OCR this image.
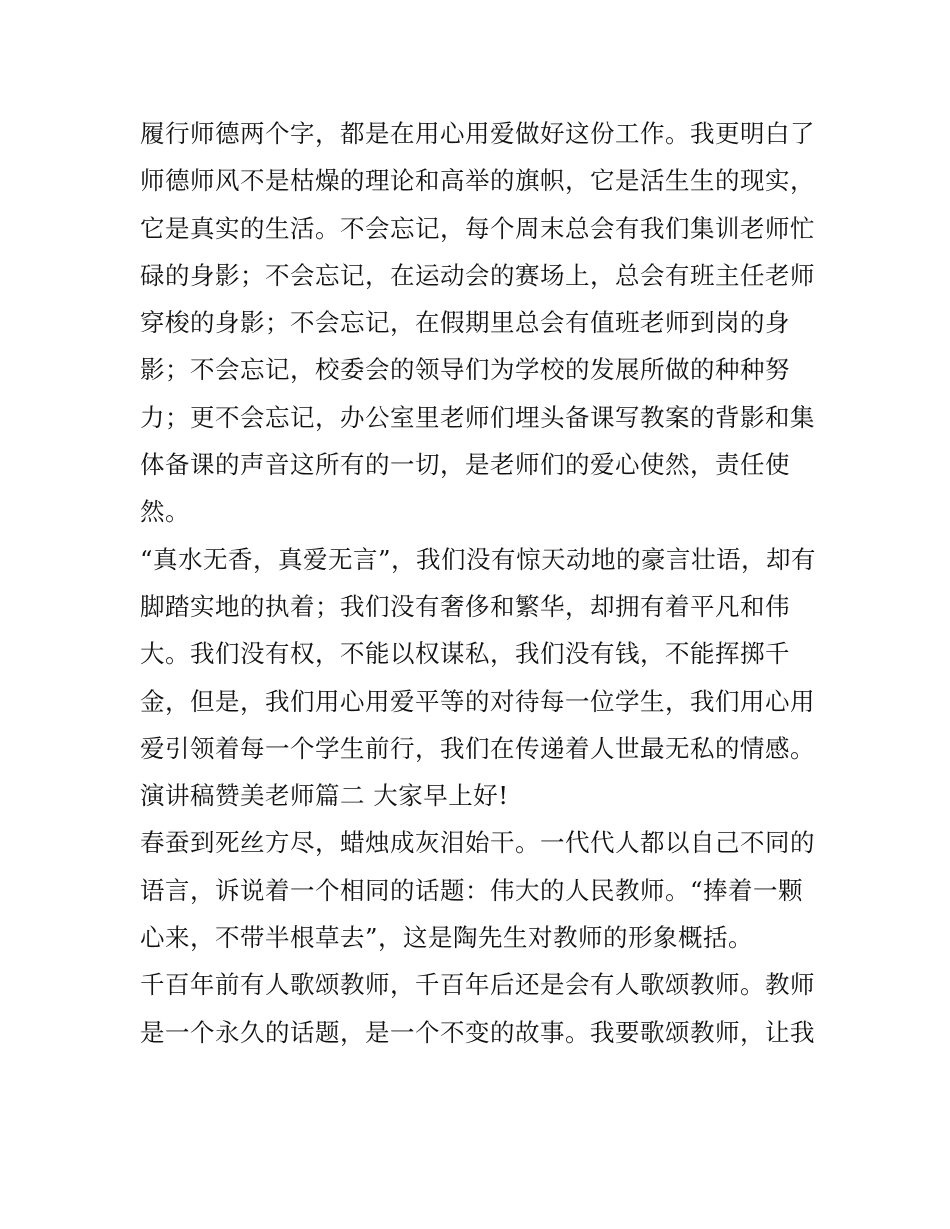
履行师德两个字，都是在用心用爱做好这份工作。我更明白了
师德师风不是枯燥的理论和高举的旗帜，它是活生生的现实，
它是真实的生活。不会忘记，每个周末总会有我们集训老师忙
碌的身影；不会忘记，在运动会的赛场上，总会有班主任老师
穿梭的身影；不会忘记，在假期里总会有值班老师到岗的身
影；不会忘记，校委会的领导们为学校的发展所做的种种努
力；更不会忘记，办公室里老师们埋头备课写教案的背影和集
体备课的声音这所有的一切，是老师们的爱心使然，责任使
然。
“真水无香，真爱无言”，我们没有惊天动地的豪言壮语，却有
脚踏实地的执着；我们没有奢侈和繁华，却拥有着平凡和伟
大。我们没有权，不能以权谋私，我们没有钱，不能挥掷千
金，但是，我们用心用爱平等的对待每一位学生，我们用心用
爱引领着每一个学生前行，我们在传递着人世最无私的情感。
演讲稿赞美老师篇二 大家早上好!
春蚕到死丝方尽，蜡烛成灰泪始干。一代代人都以自己不同的
语言，诉说着一个相同的话题：伟大的人民教师。“捧着一颗
心来，不带半根草去”，这是陶先生对教师的形象概括。
千百年前有人歌颂教师，千百年后还是会有人歌颂教师。教师
是一个永久的话题，是一个不变的故事。我要歌颂教师，让我
